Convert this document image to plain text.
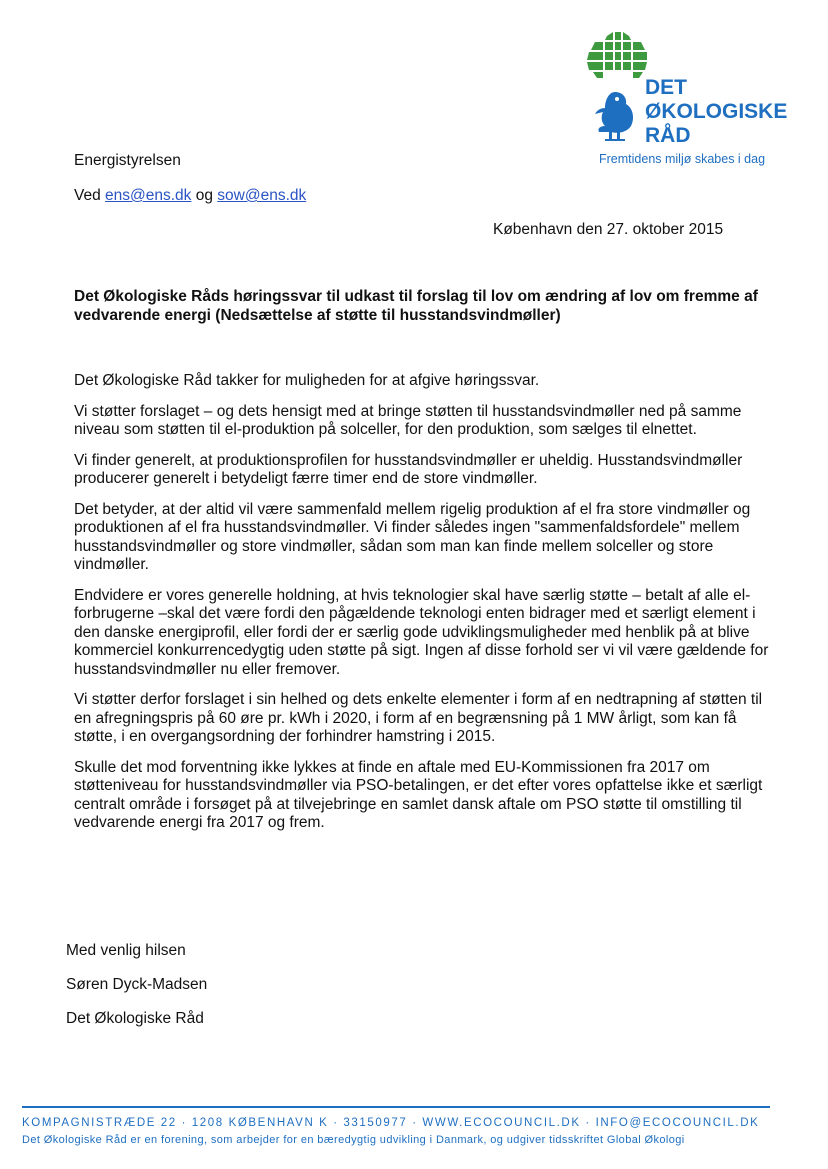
DET
ØKOLOGISKE
RÅD
Fremtidens miljø skabes i dag
Energistyrelsen
Ved ens@ens.dk og sow@ens.dk
København den 27. oktober 2015
Det Økologiske Råds høringssvar til udkast til forslag til lov om ændring af lov om fremme af vedvarende energi (Nedsættelse af støtte til husstandsvindmøller)

Det Økologiske Råd takker for muligheden for at afgive høringssvar.

Vi støtter forslaget – og dets hensigt med at bringe støtten til husstandsvindmøller ned på samme niveau som støtten til el-produktion på solceller, for den produktion, som sælges til elnettet.

Vi finder generelt, at produktionsprofilen for husstandsvindmøller er uheldig. Husstandsvindmøller producerer generelt i betydeligt færre timer end de store vindmøller.

Det betyder, at der altid vil være sammenfald mellem rigelig produktion af el fra store vindmøller og produktionen af el fra husstandsvindmøller. Vi finder således ingen "sammenfaldsfordele" mellem husstandsvindmøller og store vindmøller, sådan som man kan finde mellem solceller og store vindmøller.

Endvidere er vores generelle holdning, at hvis teknologier skal have særlig støtte – betalt af alle el-forbrugerne –skal det være fordi den pågældende teknologi enten bidrager med et særligt element i den danske energiprofil, eller fordi der er særlig gode udviklingsmuligheder med henblik på at blive kommerciel konkurrencedygtig uden støtte på sigt. Ingen af disse forhold ser vi vil være gældende for husstandsvindmøller nu eller fremover.

Vi støtter derfor forslaget i sin helhed og dets enkelte elementer i form af en nedtrapning af støtten til en afregningspris på 60 øre pr. kWh i 2020, i form af en begrænsning på 1 MW årligt, som kan få støtte, i en overgangsordning der forhindrer hamstring i 2015.

Skulle det mod forventning ikke lykkes at finde en aftale med EU-Kommissionen fra 2017 om støtteniveau for husstandsvindmøller via PSO-betalingen, er det efter vores opfattelse ikke et særligt centralt område i forsøget på at tilvejebringe en samlet dansk aftale om PSO støtte til omstilling til vedvarende energi fra 2017 og frem.

Med venlig hilsen
Søren Dyck-Madsen
Det Økologiske Råd
KOMPAGNISTRÆDE 22 · 1208 KØBENHAVN K · 33150977 · WWW.ECOCOUNCIL.DK · INFO@ECOCOUNCIL.DK
Det Økologiske Råd er en forening, som arbejder for en bæredygtig udvikling i Danmark, og udgiver tidsskriftet Global Økologi
